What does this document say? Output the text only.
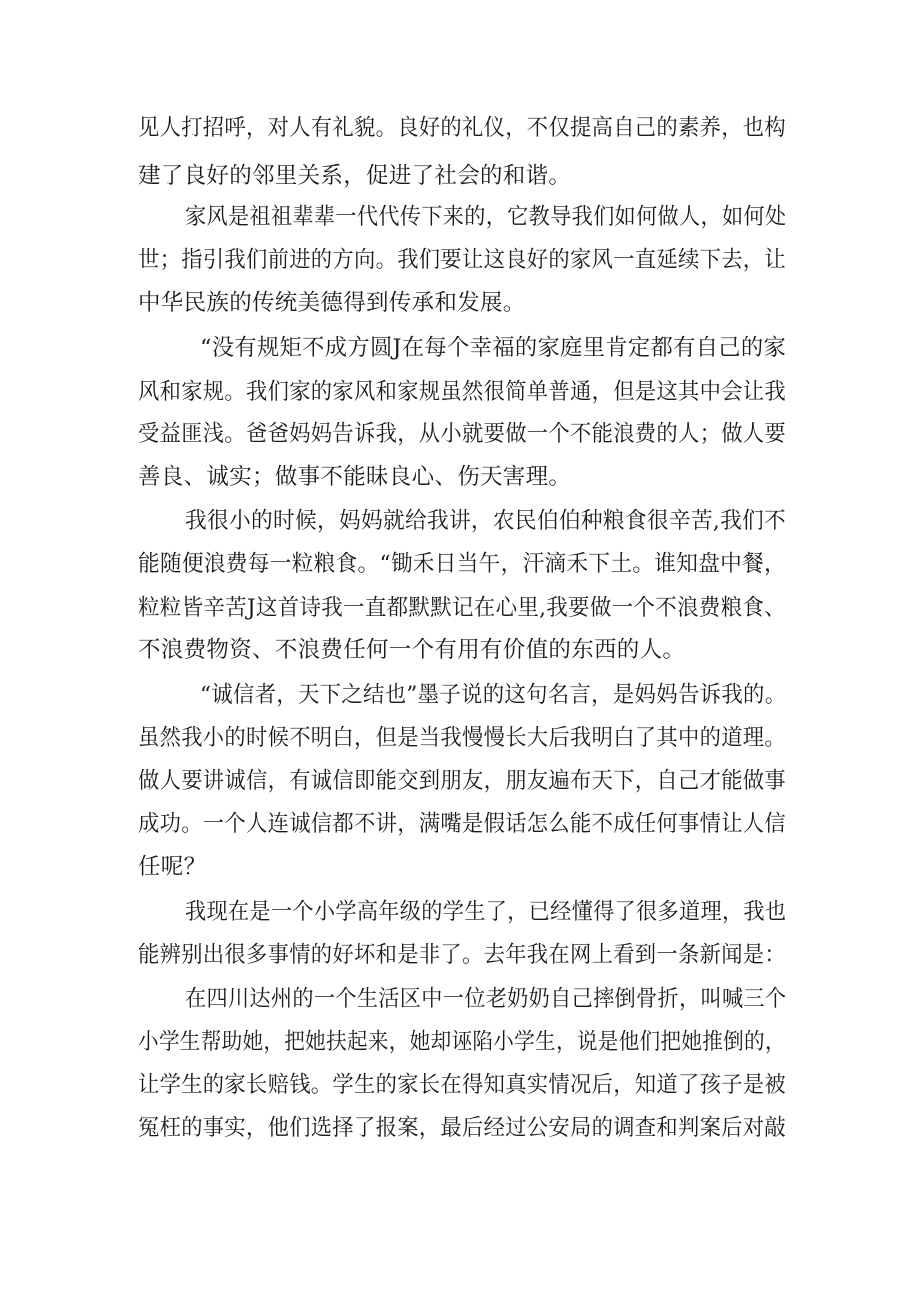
见人打招呼，对人有礼貌。良好的礼仪，不仅提高自己的素养，也构

建了良好的邻里关系，促进了社会的和谐。

家风是祖祖辈辈一代代传下来的，它教导我们如何做人，如何处

世；指引我们前进的方向。我们要让这良好的家风一直延续下去，让

中华民族的传统美德得到传承和发展。

“没有规矩不成方圆J在每个幸福的家庭里肯定都有自己的家

风和家规。我们家的家风和家规虽然很简单普通，但是这其中会让我

受益匪浅。爸爸妈妈告诉我，从小就要做一个不能浪费的人；做人要

善良、诚实；做事不能昧良心、伤天害理。

我很小的时候，妈妈就给我讲，农民伯伯种粮食很辛苦,我们不

能随便浪费每一粒粮食。“锄禾日当午，汗滴禾下土。谁知盘中餐，

粒粒皆辛苦J这首诗我一直都默默记在心里,我要做一个不浪费粮食、

不浪费物资、不浪费任何一个有用有价值的东西的人。

“诚信者，天下之结也”墨子说的这句名言，是妈妈告诉我的。

虽然我小的时候不明白，但是当我慢慢长大后我明白了其中的道理。

做人要讲诚信，有诚信即能交到朋友，朋友遍布天下，自己才能做事

成功。一个人连诚信都不讲，满嘴是假话怎么能不成任何事情让人信

任呢？

我现在是一个小学高年级的学生了，已经懂得了很多道理，我也

能辨别出很多事情的好坏和是非了。去年我在网上看到一条新闻是：

在四川达州的一个生活区中一位老奶奶自己摔倒骨折，叫喊三个

小学生帮助她，把她扶起来，她却诬陷小学生，说是他们把她推倒的，

让学生的家长赔钱。学生的家长在得知真实情况后，知道了孩子是被

冤枉的事实，他们选择了报案，最后经过公安局的调查和判案后对敲
